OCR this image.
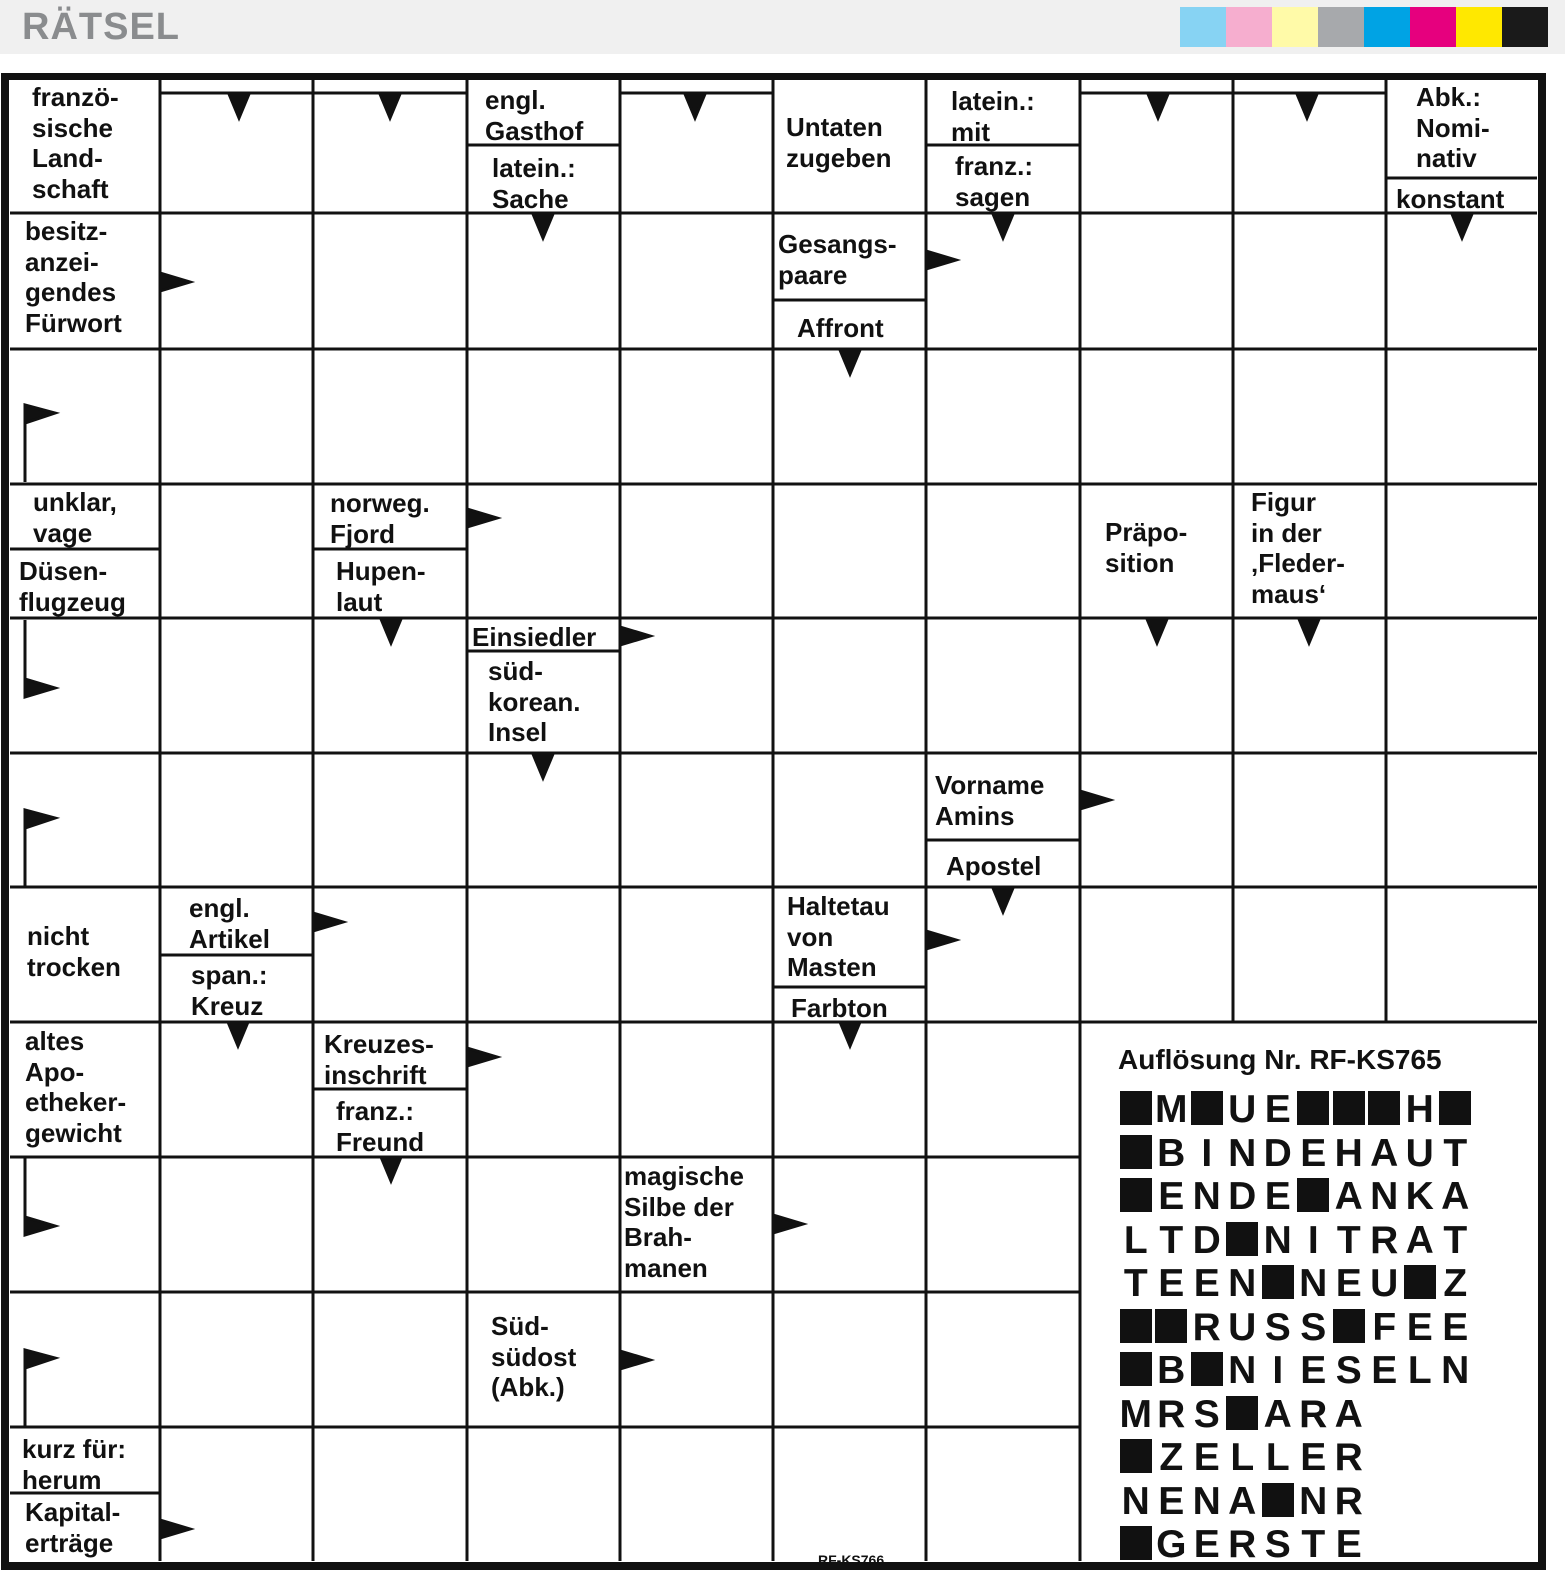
RÄTSEL
franzö-
sische
Land-
schaft
engl.
Gasthof
latein.:
Sache
Untaten
zugeben
latein.:
mit
franz.:
sagen
Abk.:
Nomi-
nativ
konstant
besitz-
anzei-
gendes
Fürwort
Gesangs-
paare
Affront
unklar,
vage
Düsen-
flugzeug
norweg.
Fjord
Hupen-
laut
Präpo-
sition
Figur
in der
‚Fleder-
maus‘
Einsiedler
süd-
korean.
Insel
Vorname
Amins
Apostel
nicht
trocken
engl.
Artikel
span.:
Kreuz
Haltetau
von
Masten
Farbton
altes
Apo-
etheker-
gewicht
Kreuzes-
inschrift
franz.:
Freund
magische
Silbe der
Brah-
manen
Süd-
südost
(Abk.)
kurz für:
herum
Kapital-
erträge
Auflösung Nr. RF-KS765
M U E	H
B I N D E H A U T
E N D E A N K A
L T D N I T R A T
T E E N N E U Z
R U S S F E E
B N I E S E L N
M R S A R A
Z E L L E R
N E N A N R
G E R S T E
RF-KS766
